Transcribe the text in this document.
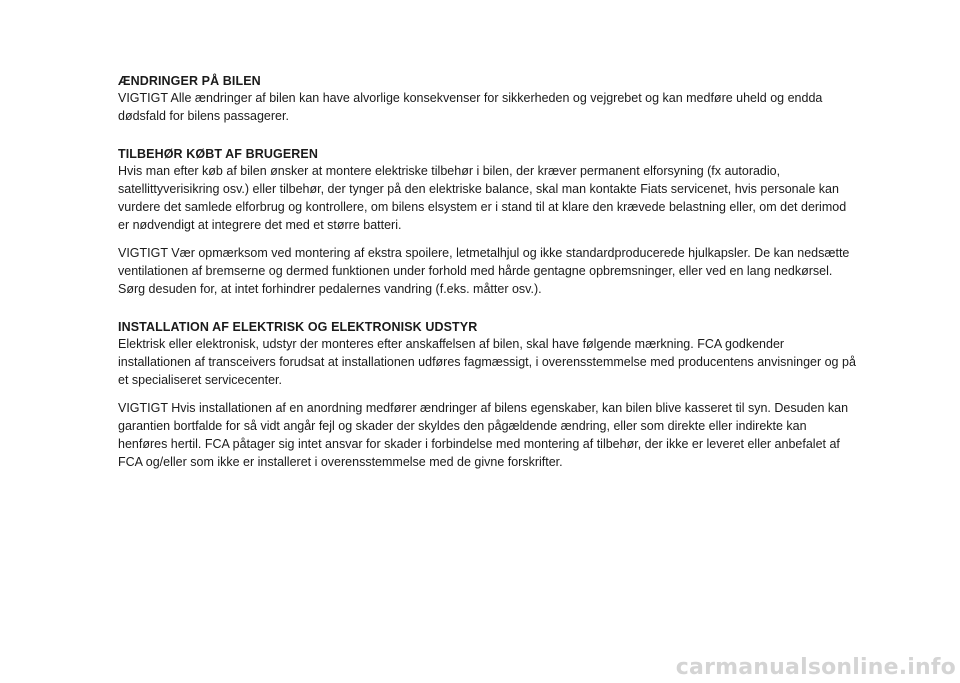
ÆNDRINGER PÅ BILEN

VIGTIGT Alle ændringer af bilen kan have alvorlige konsekvenser for sikkerheden og vejgrebet og kan medføre uheld og endda dødsfald for bilens passagerer.

TILBEHØR KØBT AF BRUGEREN

Hvis man efter køb af bilen ønsker at montere elektriske tilbehør i bilen, der kræver permanent elforsyning (fx autoradio, satellittyverisikring osv.) eller tilbehør, der tynger på den elektriske balance, skal man kontakte Fiats servicenet, hvis personale kan vurdere det samlede elforbrug og kontrollere, om bilens elsystem er i stand til at klare den krævede belastning eller, om det derimod er nødvendigt at integrere det med et større batteri.

VIGTIGT Vær opmærksom ved montering af ekstra spoilere, letmetalhjul og ikke standardproducerede hjulkapsler. De kan nedsætte ventilationen af bremserne og dermed funktionen under forhold med hårde gentagne opbremsninger, eller ved en lang nedkørsel. Sørg desuden for, at intet forhindrer pedalernes vandring (f.eks. måtter osv.).

INSTALLATION AF ELEKTRISK OG ELEKTRONISK UDSTYR

Elektrisk eller elektronisk, udstyr der monteres efter anskaffelsen af bilen, skal have følgende mærkning. FCA godkender installationen af transceivers forudsat at installationen udføres fagmæssigt, i overensstemmelse med producentens anvisninger og på et specialiseret servicecenter.

VIGTIGT Hvis installationen af en anordning medfører ændringer af bilens egenskaber, kan bilen blive kasseret til syn. Desuden kan garantien bortfalde for så vidt angår fejl og skader der skyldes den pågældende ændring, eller som direkte eller indirekte kan henføres hertil. FCA påtager sig intet ansvar for skader i forbindelse med montering af tilbehør, der ikke er leveret eller anbefalet af FCA og/eller som ikke er installeret i overensstemmelse med de givne forskrifter.

carmanualsonline.info
